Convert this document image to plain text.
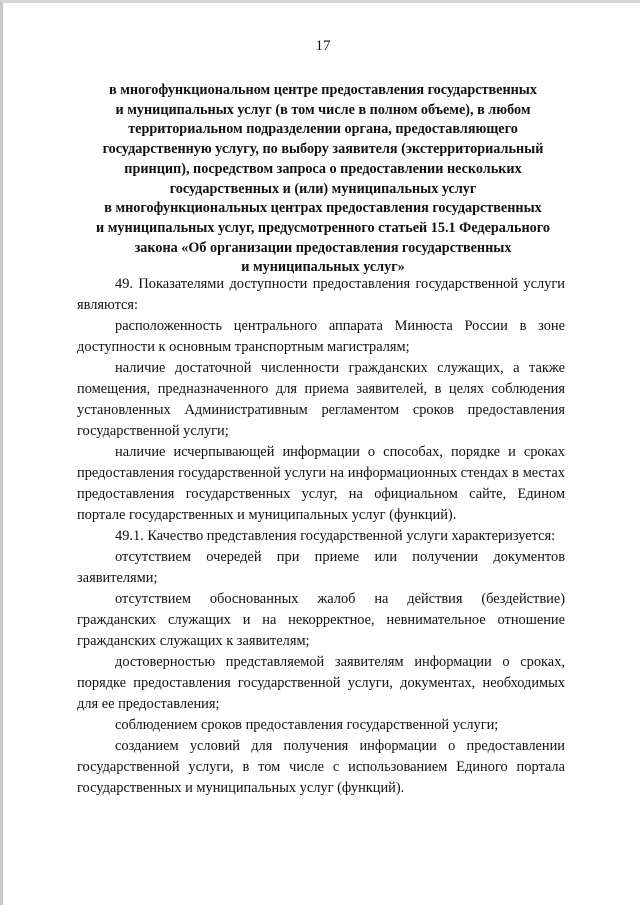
17
в многофункциональном центре предоставления государственных
и муниципальных услуг (в том числе в полном объеме), в любом
территориальном подразделении органа, предоставляющего
государственную услугу, по выбору заявителя (экстерриториальный
принцип), посредством запроса о предоставлении нескольких
государственных и (или) муниципальных услуг
в многофункциональных центрах предоставления государственных
и муниципальных услуг, предусмотренного статьей 15.1 Федерального
закона «Об организации предоставления государственных
и муниципальных услуг»

49. Показателями доступности предоставления государственной услуги являются:

расположенность центрального аппарата Минюста России в зоне доступности к основным транспортным магистралям;

наличие достаточной численности гражданских служащих, а также помещения, предназначенного для приема заявителей, в целях соблюдения установленных Административным регламентом сроков предоставления государственной услуги;

наличие исчерпывающей информации о способах, порядке и сроках предоставления государственной услуги на информационных стендах в местах предоставления государственных услуг, на официальном сайте, Едином портале государственных и муниципальных услуг (функций).

49.1. Качество представления государственной услуги характеризуется:

отсутствием очередей при приеме или получении документов заявителями;

отсутствием обоснованных жалоб на действия (бездействие) гражданских служащих и на некорректное, невнимательное отношение гражданских служащих к заявителям;

достоверностью представляемой заявителям информации о сроках, порядке предоставления государственной услуги, документах, необходимых для ее предоставления;

соблюдением сроков предоставления государственной услуги;

созданием условий для получения информации о предоставлении государственной услуги, в том числе с использованием Единого портала государственных и муниципальных услуг (функций).
